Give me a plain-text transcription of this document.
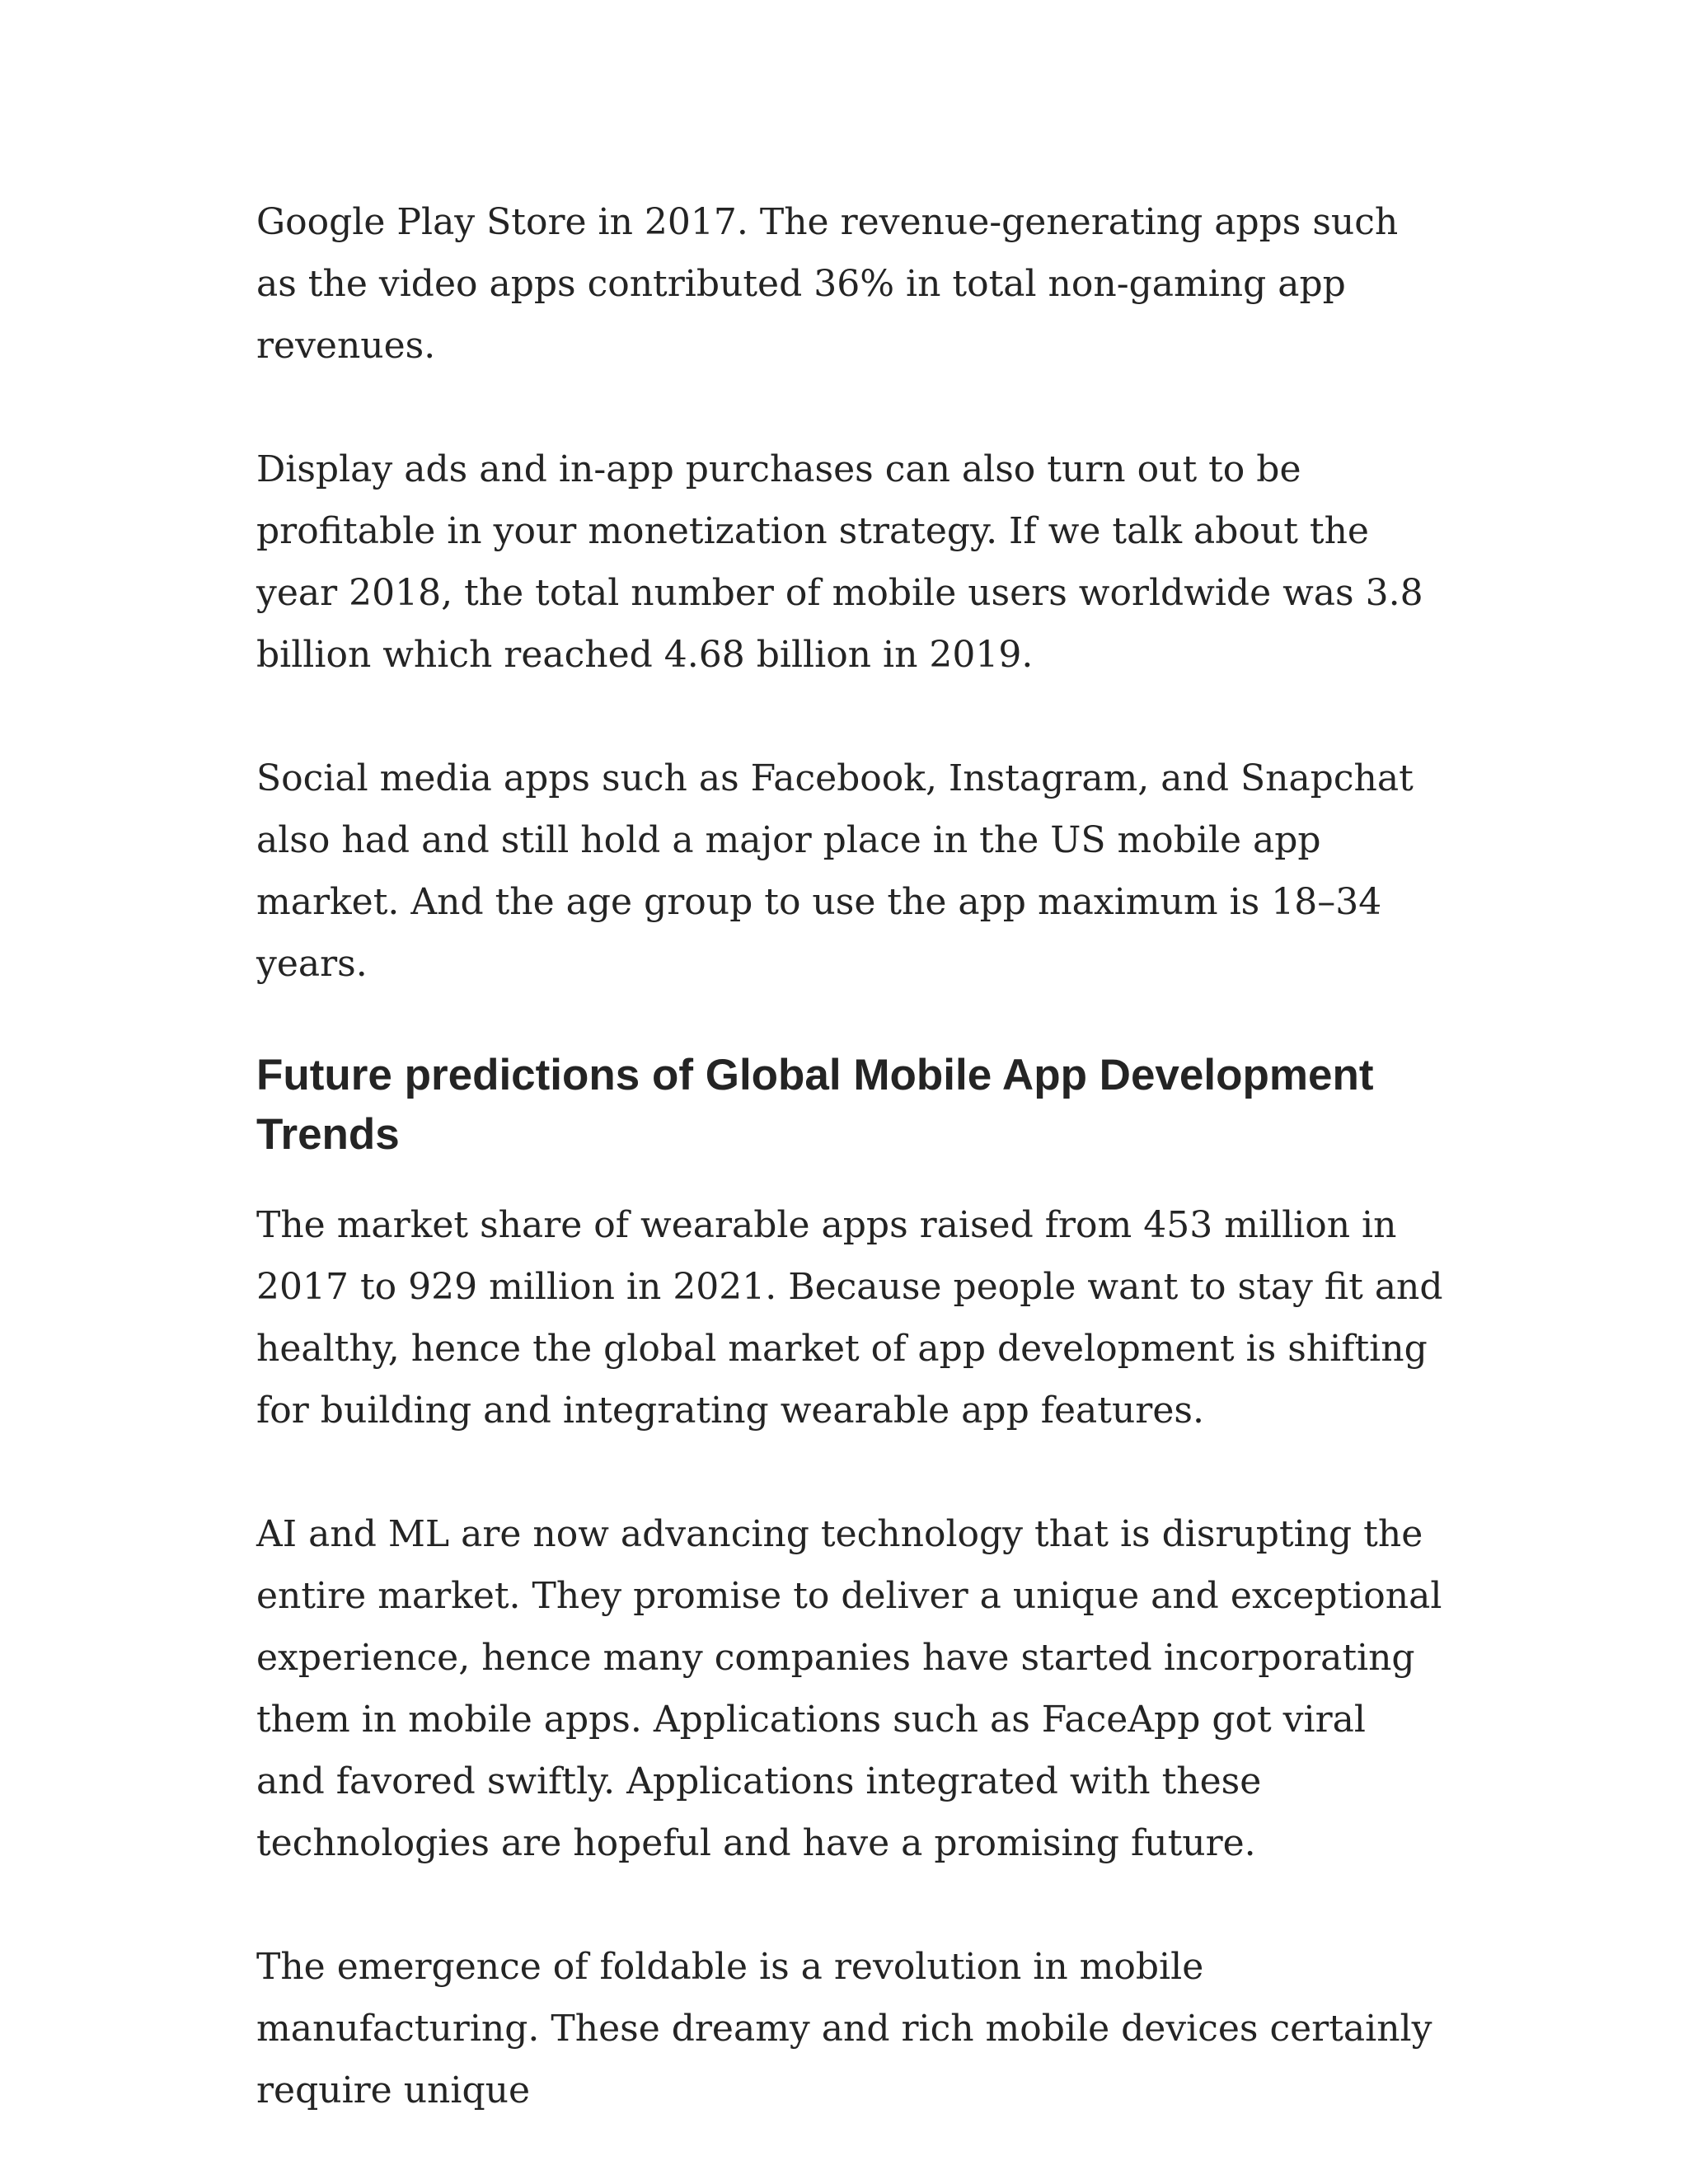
Google Play Store in 2017. The revenue-generating apps such as the video apps contributed 36% in total non-gaming app revenues.

Display ads and in-app purchases can also turn out to be profitable in your monetization strategy. If we talk about the year 2018, the total number of mobile users worldwide was 3.8 billion which reached 4.68 billion in 2019.

Social media apps such as Facebook, Instagram, and Snapchat also had and still hold a major place in the US mobile app market. And the age group to use the app maximum is 18–34 years.

Future predictions of Global Mobile App Development Trends

The market share of wearable apps raised from 453 million in 2017 to 929 million in 2021. Because people want to stay fit and healthy, hence the global market of app development is shifting for building and integrating wearable app features.

AI and ML are now advancing technology that is disrupting the entire market. They promise to deliver a unique and exceptional experience, hence many companies have started incorporating them in mobile apps. Applications such as FaceApp got viral and favored swiftly. Applications integrated with these technologies are hopeful and have a promising future.

The emergence of foldable is a revolution in mobile manufacturing. These dreamy and rich mobile devices certainly require unique
